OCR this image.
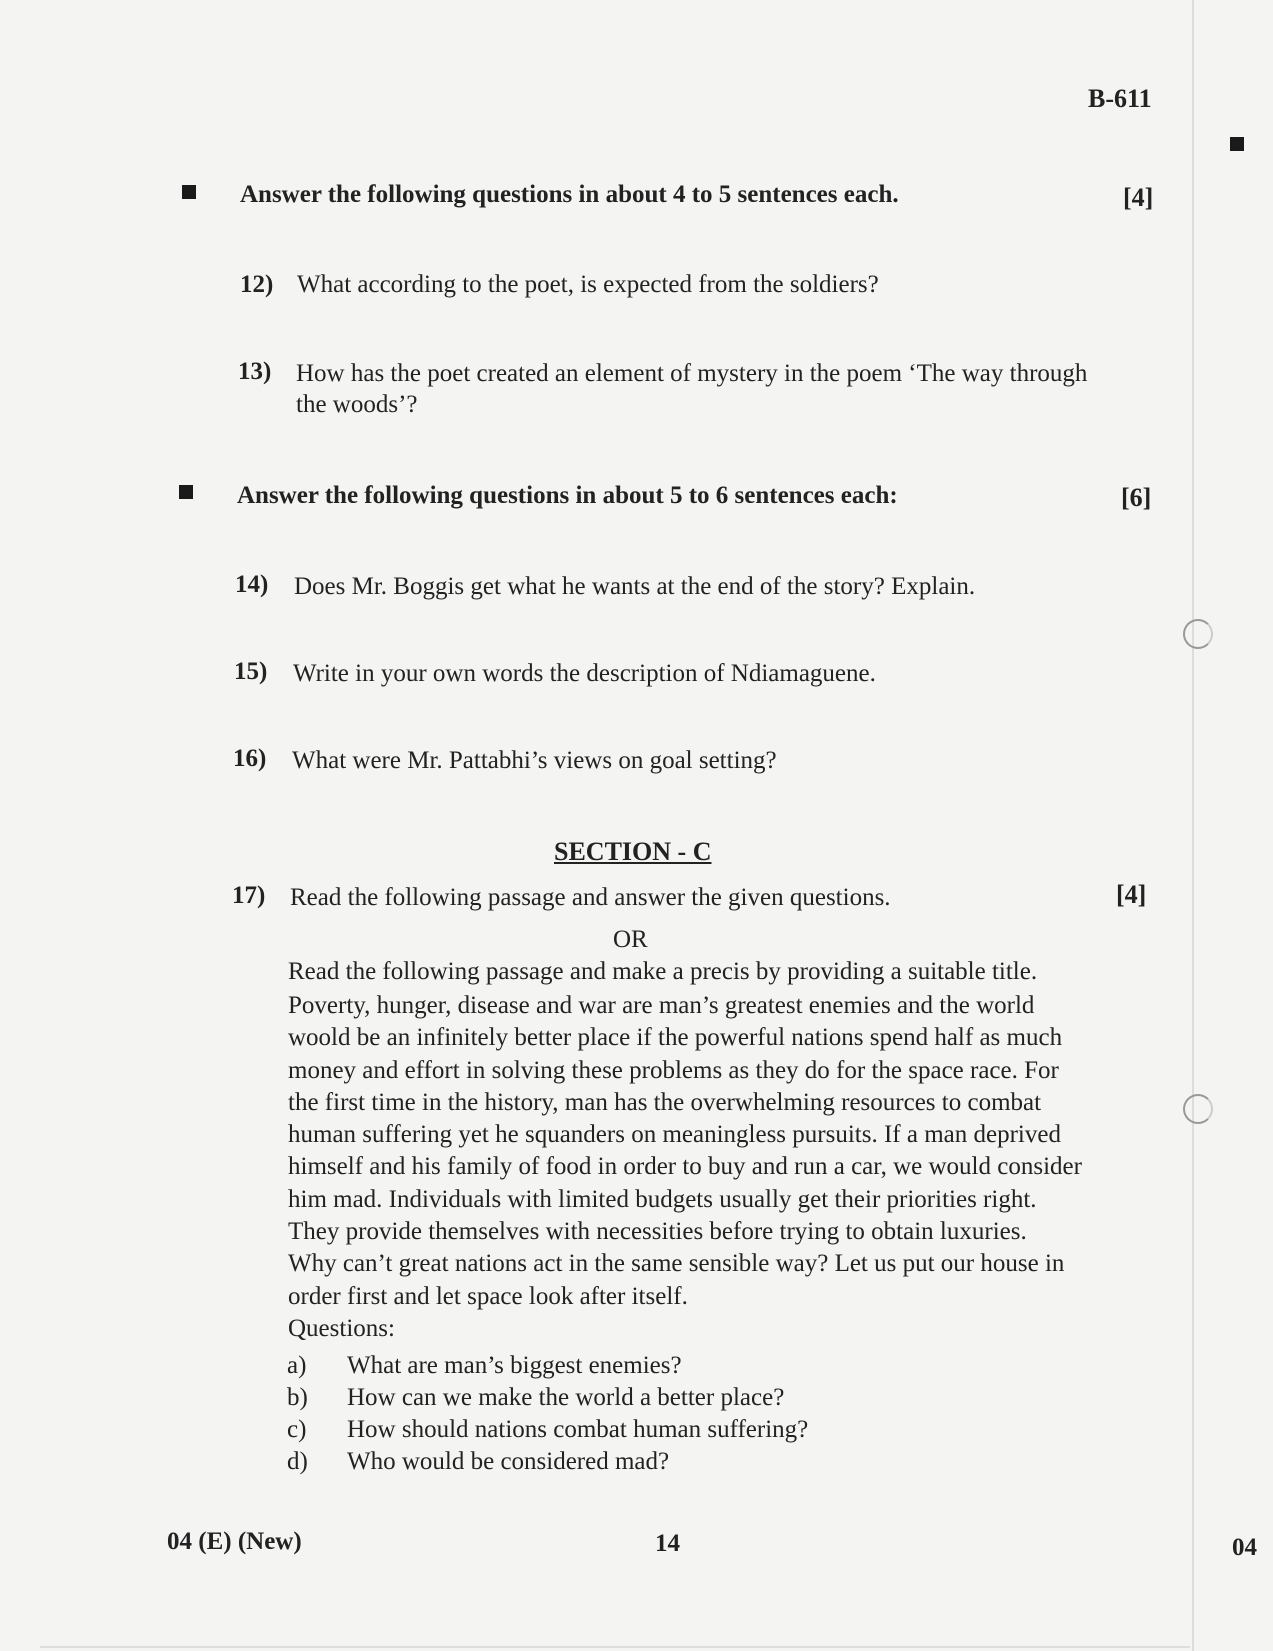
B-611
Answer the following questions in about 4 to 5 sentences each.	[4]
12) What according to the poet, is expected from the soldiers?
13) How has the poet created an element of mystery in the poem ‘The way through
the woods’?
Answer the following questions in about 5 to 6 sentences each:	[6]
14) Does Mr. Boggis get what he wants at the end of the story? Explain.
15) Write in your own words the description of Ndiamaguene.
16) What were Mr. Pattabhi’s views on goal setting?
SECTION - C
17) Read the following passage and answer the given questions.	[4]
OR
Read the following passage and make a precis by providing a suitable title.
Poverty, hunger, disease and war are man’s greatest enemies and the world
woold be an infinitely better place if the powerful nations spend half as much
money and effort in solving these problems as they do for the space race. For
the first time in the history, man has the overwhelming resources to combat
human suffering yet he squanders on meaningless pursuits. If a man deprived
himself and his family of food in order to buy and run a car, we would consider
him mad. Individuals with limited budgets usually get their priorities right.
They provide themselves with necessities before trying to obtain luxuries.
Why can’t great nations act in the same sensible way? Let us put our house in
order first and let space look after itself.
Questions:
a) What are man’s biggest enemies?
b) How can we make the world a better place?
c) How should nations combat human suffering?
d) Who would be considered mad?
04 (E) (New)	14	04
